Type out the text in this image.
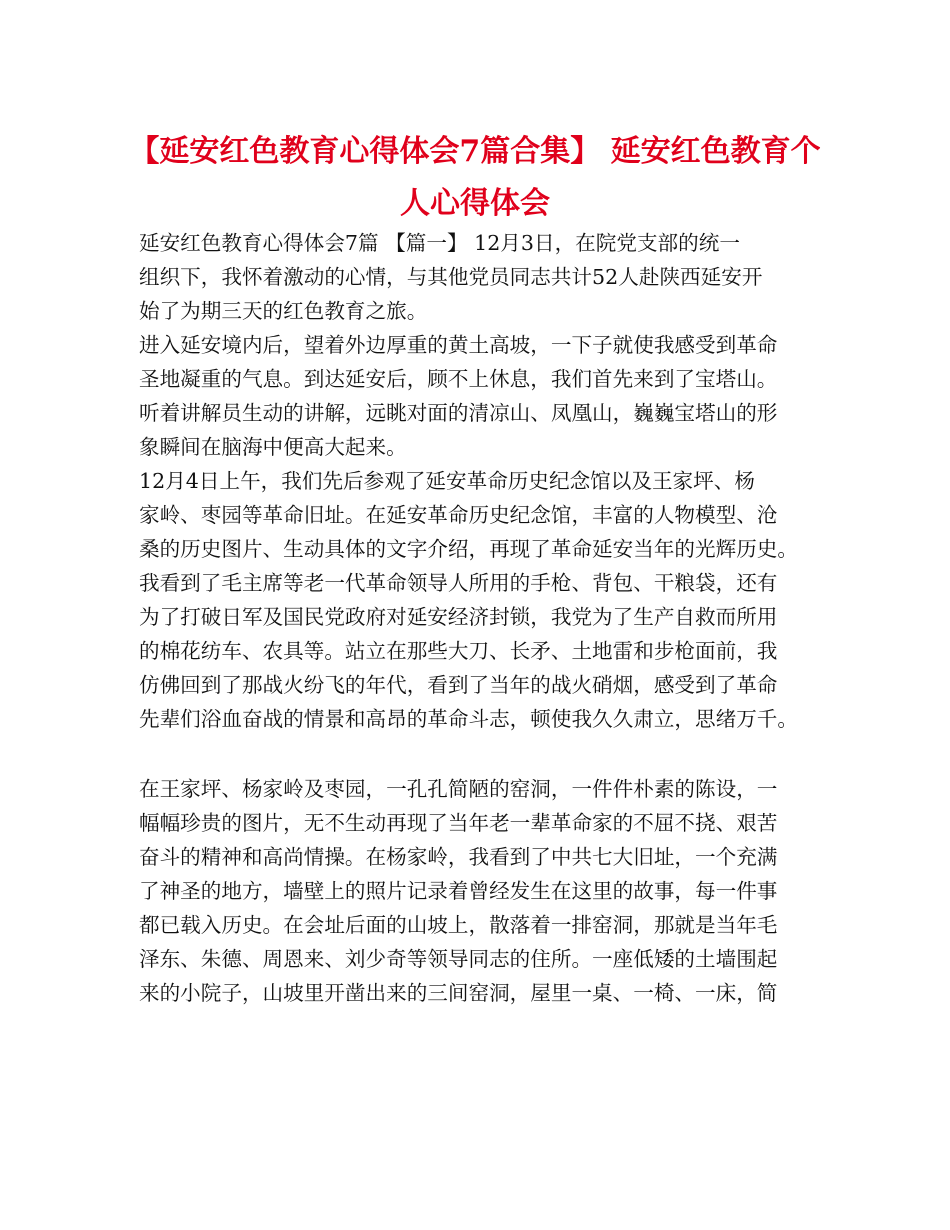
【延安红色教育心得体会7篇合集】 延安红色教育个
人心得体会
延安红色教育心得体会7篇 【篇一】 12月3日，在院党支部的统一
组织下，我怀着激动的心情，与其他党员同志共计52人赴陕西延安开
始了为期三天的红色教育之旅。
进入延安境内后，望着外边厚重的黄土高坡，一下子就使我感受到革命
圣地凝重的气息。到达延安后，顾不上休息，我们首先来到了宝塔山。
听着讲解员生动的讲解，远眺对面的清凉山、凤凰山，巍巍宝塔山的形
象瞬间在脑海中便高大起来。
12月4日上午，我们先后参观了延安革命历史纪念馆以及王家坪、杨
家岭、枣园等革命旧址。在延安革命历史纪念馆，丰富的人物模型、沧
桑的历史图片、生动具体的文字介绍，再现了革命延安当年的光辉历史。
我看到了毛主席等老一代革命领导人所用的手枪、背包、干粮袋，还有
为了打破日军及国民党政府对延安经济封锁，我党为了生产自救而所用
的棉花纺车、农具等。站立在那些大刀、长矛、土地雷和步枪面前，我
仿佛回到了那战火纷飞的年代，看到了当年的战火硝烟，感受到了革命
先辈们浴血奋战的情景和高昂的革命斗志，顿使我久久肃立，思绪万千。
在王家坪、杨家岭及枣园，一孔孔简陋的窑洞，一件件朴素的陈设，一
幅幅珍贵的图片，无不生动再现了当年老一辈革命家的不屈不挠、艰苦
奋斗的精神和高尚情操。在杨家岭，我看到了中共七大旧址，一个充满
了神圣的地方，墙壁上的照片记录着曾经发生在这里的故事，每一件事
都已载入历史。在会址后面的山坡上，散落着一排窑洞，那就是当年毛
泽东、朱德、周恩来、刘少奇等领导同志的住所。一座低矮的土墙围起
来的小院子，山坡里开凿出来的三间窑洞，屋里一桌、一椅、一床，简
